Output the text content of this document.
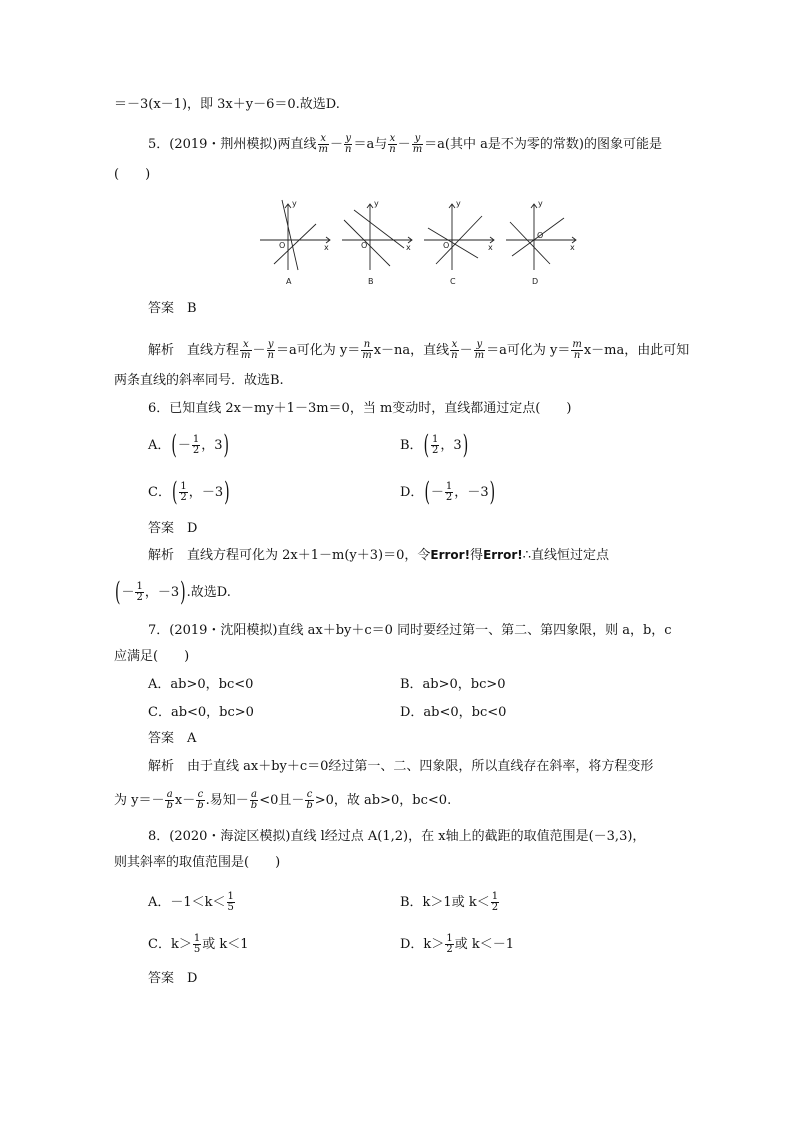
＝－3(x－1)，即 3x＋y－6＝0.故选D.
5．(2019・荆州模拟)两直线 $\frac{x}{m} - \frac{y}{n} =a$与 $\frac{x}{n} - \frac{y}{m} =a$(其中 a是不为零的常数)的图象可能是
(　　)
y
x
O
A
y
x
O
B
y
x
O
C
y
x
O
D
答案　B
解析　直线方程 $\frac{x}{m} - \frac{y}{n} =a$可化为 $y= \frac{n}{m} x-na$，直线 $\frac{x}{n} - \frac{y}{m} =a$可化为 $y= \frac{m}{n} x-ma$，由此可知
两条直线的斜率同号．故选B.
6．已知直线 2x－my＋1－3m＝0，当 m变动时，直线都通过定点(　　)
A．(－ $\frac{1}{2}$ ，3)	B．( $\frac{1}{2}$ ，3)
C．( $\frac{1}{2}$ ，－3)	D．(－ $\frac{1}{2}$ ，－3)
答案　D
解析　直线方程可化为 2x＋1－m(y＋3)＝0，令Error!得Error!∴直线恒过定点
(－ $\frac{1}{2}$ ，－3).故选D.
7．(2019・沈阳模拟)直线 ax＋by＋c＝0 同时要经过第一、第二、第四象限，则 a，b，c
应满足(　　)
A．ab>0，bc<0	B．ab>0，bc>0
C．ab<0，bc>0	D．ab<0，bc<0
答案　A
解析　由于直线 ax＋by＋c＝0经过第一、二、四象限，所以直线存在斜率，将方程变形
为 $y=- \frac{a}{b} x- \frac{c}{b}$ .易知－ $\frac{a}{b} <0$且－ $\frac{c}{b} >0$，故 ab>0，bc<0.
8．(2020・海淀区模拟)直线 l经过点 A(1,2)，在 x轴上的截距的取值范围是(－3,3)，
则其斜率的取值范围是(　　)
A．$-1<k< \frac{1}{5}$	B．k＞1或 $k< \frac{1}{2}$
C．$k> \frac{1}{5}$ 或 k＜1	D．$k> \frac{1}{2}$ 或 k＜－1
答案　D
